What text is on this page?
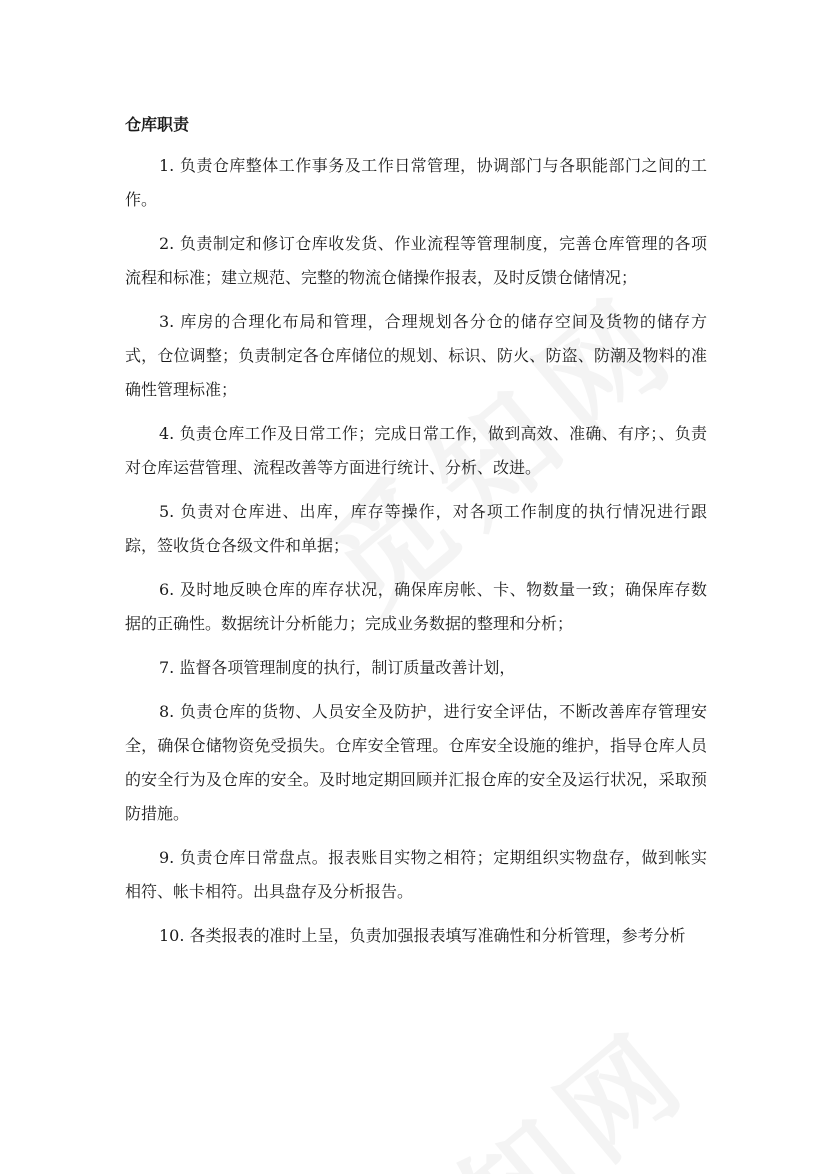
仓库职责

1. 负责仓库整体工作事务及工作日常管理，协调部门与各职能部门之间的工作。

2. 负责制定和修订仓库收发货、作业流程等管理制度，完善仓库管理的各项流程和标准；建立规范、完整的物流仓储操作报表，及时反馈仓储情况；

3. 库房的合理化布局和管理，合理规划各分仓的储存空间及货物的储存方式，仓位调整；负责制定各仓库储位的规划、标识、防火、防盗、防潮及物料的准确性管理标准；

4. 负责仓库工作及日常工作；完成日常工作，做到高效、准确、有序；、负责对仓库运营管理、流程改善等方面进行统计、分析、改进。

5. 负责对仓库进、出库，库存等操作，对各项工作制度的执行情况进行跟踪，签收货仓各级文件和单据；

6. 及时地反映仓库的库存状况，确保库房帐、卡、物数量一致；确保库存数据的正确性。数据统计分析能力；完成业务数据的整理和分析；

7. 监督各项管理制度的执行，制订质量改善计划，

8. 负责仓库的货物、人员安全及防护，进行安全评估，不断改善库存管理安全，确保仓储物资免受损失。仓库安全管理。仓库安全设施的维护，指导仓库人员的安全行为及仓库的安全。及时地定期回顾并汇报仓库的安全及运行状况，采取预防措施。

9. 负责仓库日常盘点。报表账目实物之相符；定期组织实物盘存，做到帐实相符、帐卡相符。出具盘存及分析报告。

10. 各类报表的准时上呈，负责加强报表填写准确性和分析管理，参考分析
